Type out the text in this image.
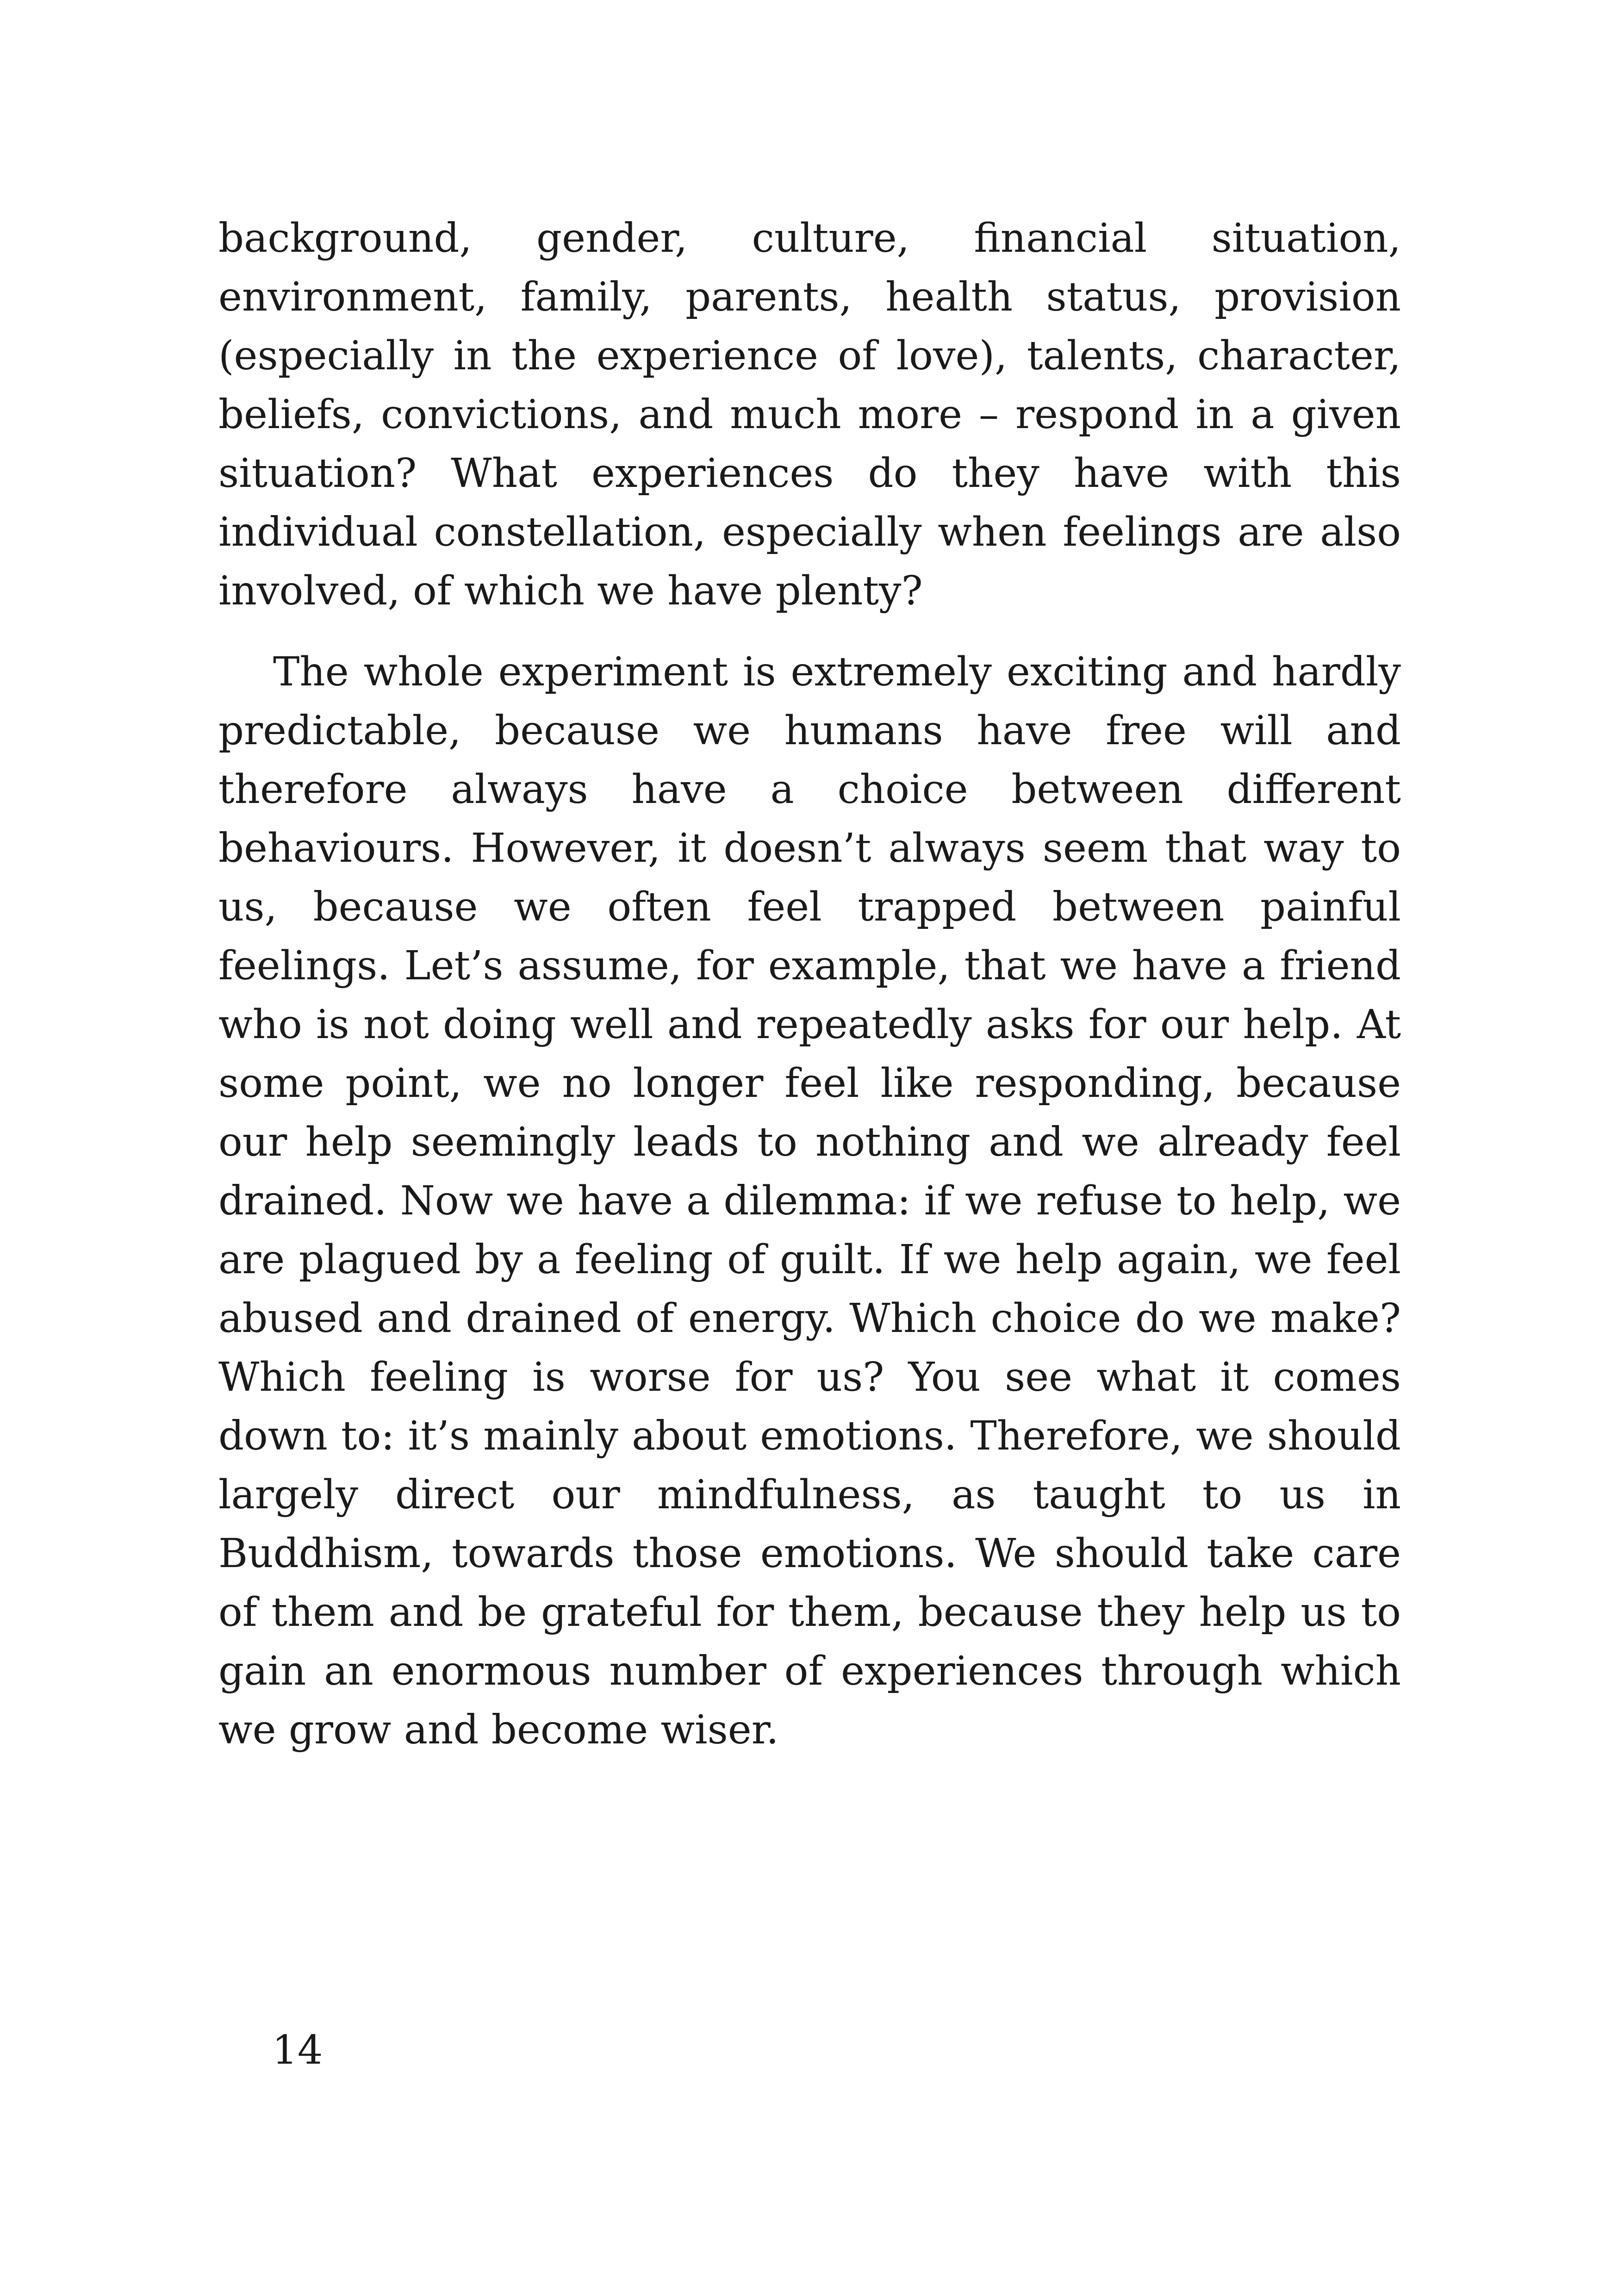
background, gender, culture, financial situation, environment, family, parents, health status, provision (especially in the experience of love), talents, character, beliefs, convictions, and much more – respond in a given situation? What experiences do they have with this individual constellation, especially when feelings are also involved, of which we have plenty?

The whole experiment is extremely exciting and hardly predictable, because we humans have free will and therefore always have a choice between different behaviours. However, it doesn’t always seem that way to us, because we often feel trapped between painful feelings. Let’s assume, for example, that we have a friend who is not doing well and repeatedly asks for our help. At some point, we no longer feel like responding, because our help seemingly leads to nothing and we already feel drained. Now we have a dilemma: if we refuse to help, we are plagued by a feeling of guilt. If we help again, we feel abused and drained of energy. Which choice do we make? Which feeling is worse for us? You see what it comes down to: it’s mainly about emotions. Therefore, we should largely direct our mindfulness, as taught to us in Buddhism, towards those emotions. We should take care of them and be grateful for them, because they help us to gain an enormous number of experiences through which we grow and become wiser.

14
